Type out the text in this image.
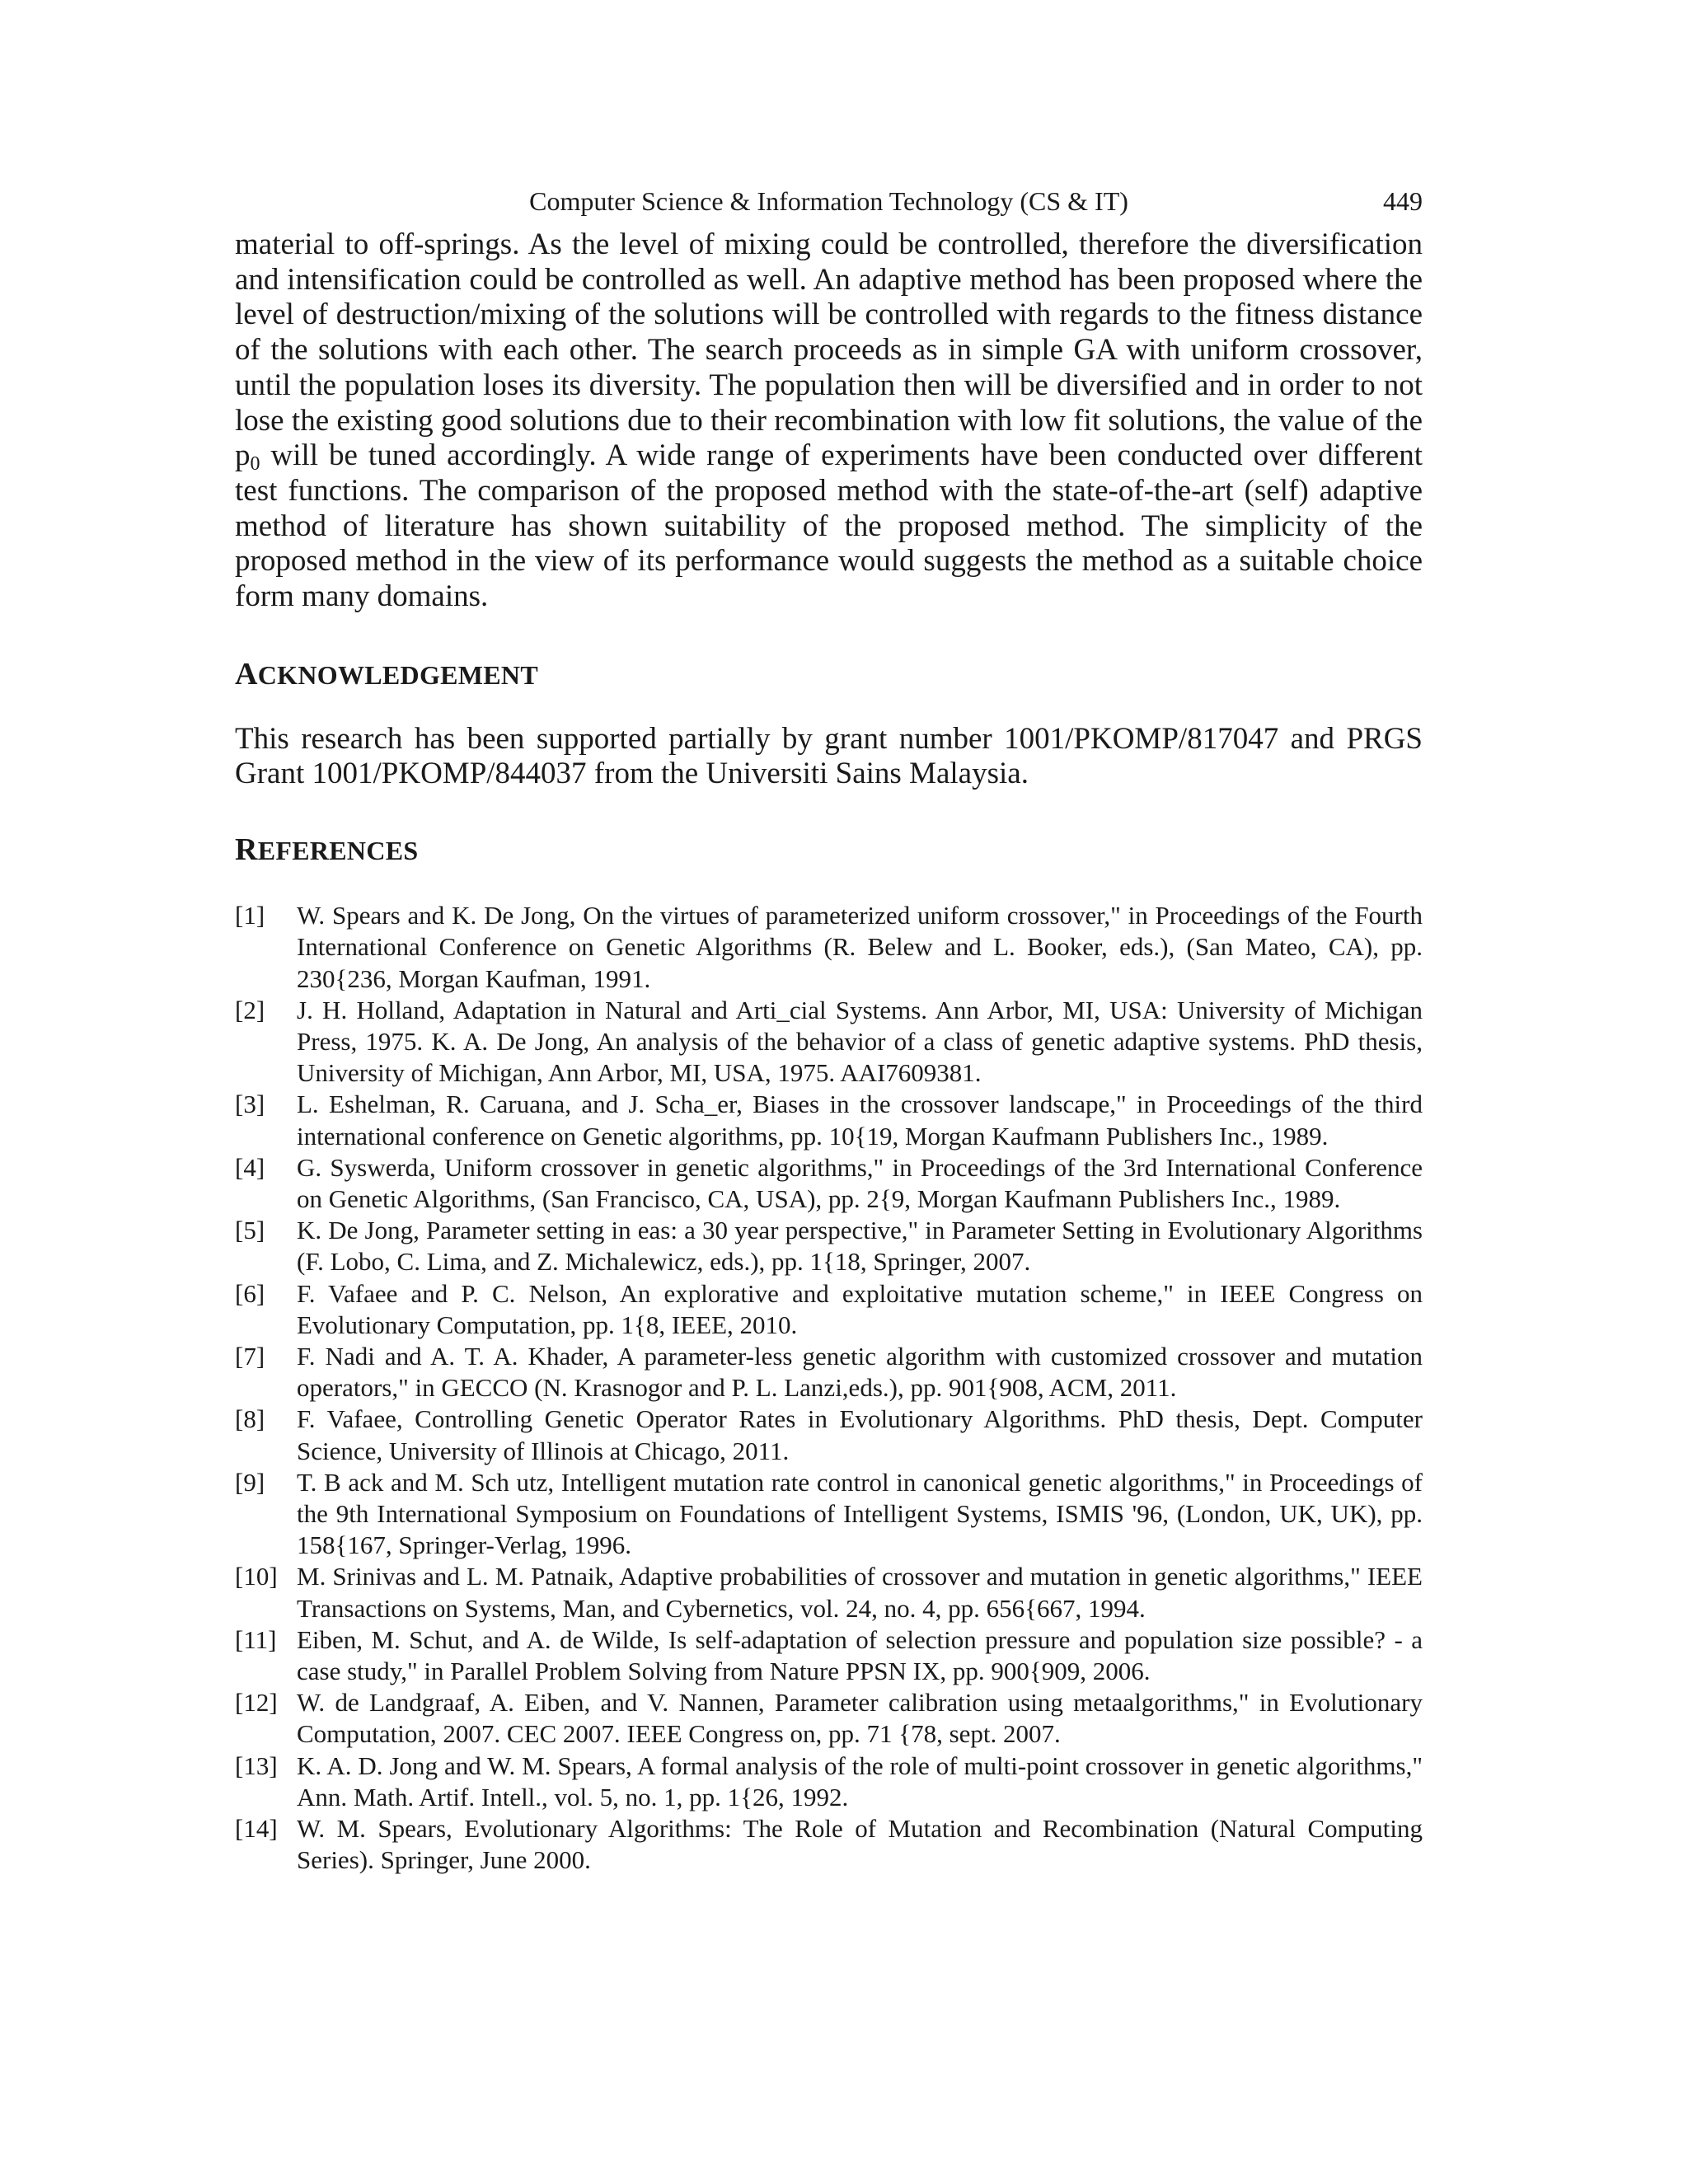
Computer Science & Information Technology (CS & IT)	449

material to off-springs. As the level of mixing could be controlled, therefore the diversification and intensification could be controlled as well. An adaptive method has been proposed where the level of destruction/mixing of the solutions will be controlled with regards to the fitness distance of the solutions with each other. The search proceeds as in simple GA with uniform crossover, until the population loses its diversity. The population then will be diversified and in order to not lose the existing good solutions due to their recombination with low fit solutions, the value of the $p_0$ will be tuned accordingly. A wide range of experiments have been conducted over different test functions. The comparison of the proposed method with the state-of-the-art (self) adaptive method of literature has shown suitability of the proposed method. The simplicity of the proposed method in the view of its performance would suggests the method as a suitable choice form many domains.

ACKNOWLEDGEMENT

This research has been supported partially by grant number 1001/PKOMP/817047 and PRGS Grant 1001/PKOMP/844037 from the Universiti Sains Malaysia.

REFERENCES
[1] W. Spears and K. De Jong, On the virtues of parameterized uniform crossover," in Proceedings of the Fourth International Conference on Genetic Algorithms (R. Belew and L. Booker, eds.), (San Mateo, CA), pp. 230{236, Morgan Kaufman, 1991.
[2] J. H. Holland, Adaptation in Natural and Arti_cial Systems. Ann Arbor, MI, USA: University of Michigan Press, 1975. K. A. De Jong, An analysis of the behavior of a class of genetic adaptive systems. PhD thesis, University of Michigan, Ann Arbor, MI, USA, 1975. AAI7609381.
[3] L. Eshelman, R. Caruana, and J. Scha_er, Biases in the crossover landscape," in Proceedings of the third international conference on Genetic algorithms, pp. 10{19, Morgan Kaufmann Publishers Inc., 1989.
[4] G. Syswerda, Uniform crossover in genetic algorithms," in Proceedings of the 3rd International Conference on Genetic Algorithms, (San Francisco, CA, USA), pp. 2{9, Morgan Kaufmann Publishers Inc., 1989.
[5] K. De Jong, Parameter setting in eas: a 30 year perspective," in Parameter Setting in Evolutionary Algorithms (F. Lobo, C. Lima, and Z. Michalewicz, eds.), pp. 1{18, Springer, 2007.
[6] F. Vafaee and P. C. Nelson, An explorative and exploitative mutation scheme," in IEEE Congress on Evolutionary Computation, pp. 1{8, IEEE, 2010.
[7] F. Nadi and A. T. A. Khader, A parameter-less genetic algorithm with customized crossover and mutation operators," in GECCO (N. Krasnogor and P. L. Lanzi,eds.), pp. 901{908, ACM, 2011.
[8] F. Vafaee, Controlling Genetic Operator Rates in Evolutionary Algorithms. PhD thesis, Dept. Computer Science, University of Illinois at Chicago, 2011.
[9] T. B ack and M. Sch utz, Intelligent mutation rate control in canonical genetic algorithms," in Proceedings of the 9th International Symposium on Foundations of Intelligent Systems, ISMIS '96, (London, UK, UK), pp. 158{167, Springer-Verlag, 1996.
[10] M. Srinivas and L. M. Patnaik, Adaptive probabilities of crossover and mutation in genetic algorithms," IEEE Transactions on Systems, Man, and Cybernetics, vol. 24, no. 4, pp. 656{667, 1994.
[11] Eiben, M. Schut, and A. de Wilde, Is self-adaptation of selection pressure and population size possible? - a case study," in Parallel Problem Solving from Nature PPSN IX, pp. 900{909, 2006.
[12] W. de Landgraaf, A. Eiben, and V. Nannen, Parameter calibration using metaalgorithms," in Evolutionary Computation, 2007. CEC 2007. IEEE Congress on, pp. 71 {78, sept. 2007.
[13] K. A. D. Jong and W. M. Spears, A formal analysis of the role of multi-point crossover in genetic algorithms," Ann. Math. Artif. Intell., vol. 5, no. 1, pp. 1{26, 1992.
[14] W. M. Spears, Evolutionary Algorithms: The Role of Mutation and Recombination (Natural Computing Series). Springer, June 2000.
